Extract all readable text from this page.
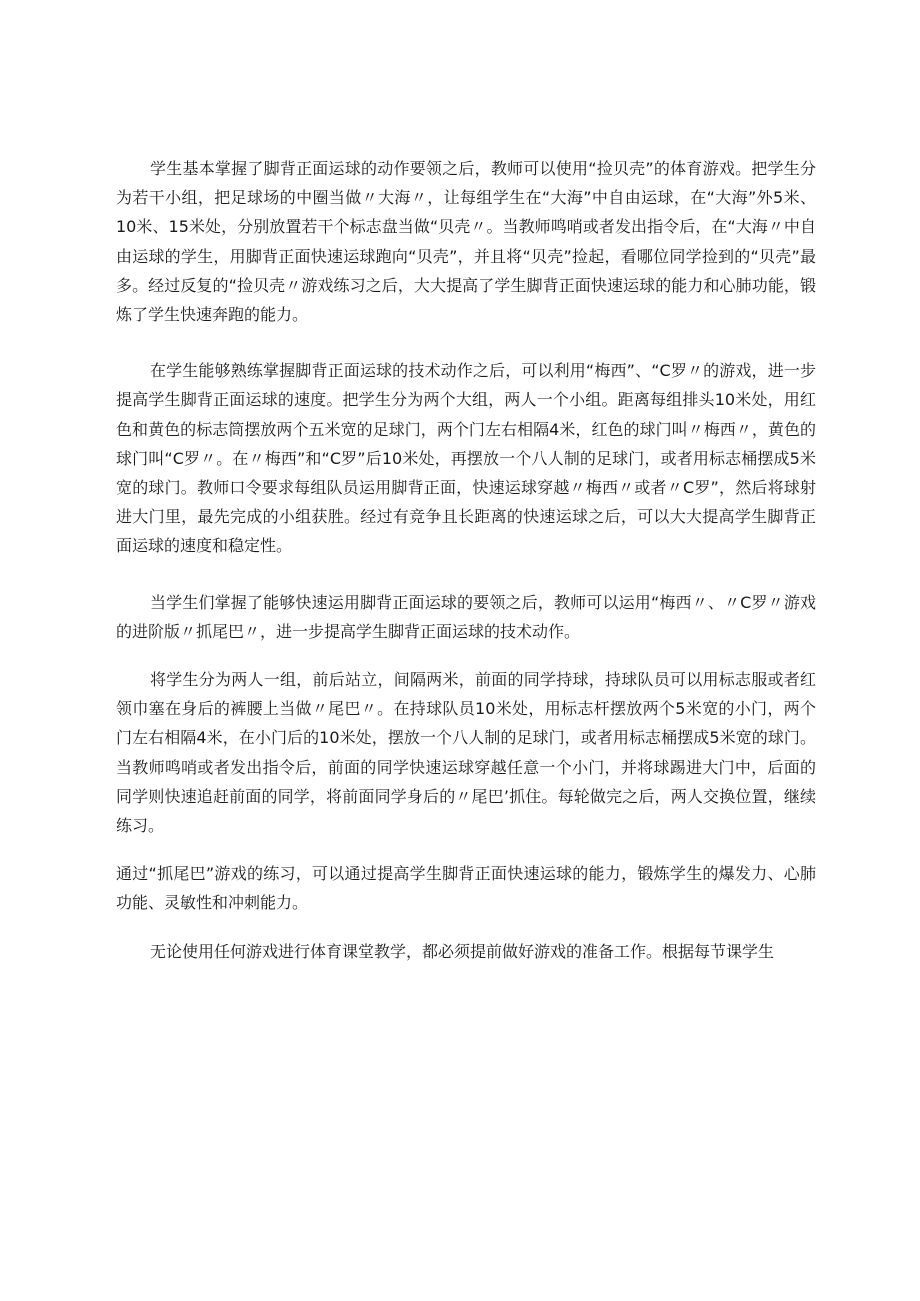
学生基本掌握了脚背正面运球的动作要领之后，教师可以使用“捡贝壳”的体育游戏。把学生分为若干小组，把足球场的中圈当做〃大海〃，让每组学生在“大海”中自由运球，在“大海”外5米、10米、15米处，分别放置若干个标志盘当做“贝壳〃。当教师鸣哨或者发出指令后，在“大海〃中自由运球的学生，用脚背正面快速运球跑向“贝壳”，并且将“贝壳”捡起，看哪位同学捡到的“贝壳”最多。经过反复的“捡贝壳〃游戏练习之后，大大提高了学生脚背正面快速运球的能力和心肺功能，锻炼了学生快速奔跑的能力。

在学生能够熟练掌握脚背正面运球的技术动作之后，可以利用“梅西”、“C罗〃的游戏，进一步提高学生脚背正面运球的速度。把学生分为两个大组，两人一个小组。距离每组排头10米处，用红色和黄色的标志筒摆放两个五米宽的足球门，两个门左右相隔4米，红色的球门叫〃梅西〃，黄色的球门叫“C罗〃。在〃梅西”和“C罗”后10米处，再摆放一个八人制的足球门，或者用标志桶摆成5米宽的球门。教师口令要求每组队员运用脚背正面，快速运球穿越〃梅西〃或者〃C罗”，然后将球射进大门里，最先完成的小组获胜。经过有竞争且长距离的快速运球之后，可以大大提高学生脚背正面运球的速度和稳定性。

当学生们掌握了能够快速运用脚背正面运球的要领之后，教师可以运用“梅西〃、〃C罗〃游戏的进阶版〃抓尾巴〃，进一步提高学生脚背正面运球的技术动作。

将学生分为两人一组，前后站立，间隔两米，前面的同学持球，持球队员可以用标志服或者红领巾塞在身后的裤腰上当做〃尾巴〃。在持球队员10米处，用标志杆摆放两个5米宽的小门，两个门左右相隔4米，在小门后的10米处，摆放一个八人制的足球门，或者用标志桶摆成5米宽的球门。当教师鸣哨或者发出指令后，前面的同学快速运球穿越任意一个小门，并将球踢进大门中，后面的同学则快速追赶前面的同学，将前面同学身后的〃尾巴’抓住。每轮做完之后，两人交换位置，继续练习。

通过“抓尾巴”游戏的练习，可以通过提高学生脚背正面快速运球的能力，锻炼学生的爆发力、心肺功能、灵敏性和冲刺能力。

无论使用任何游戏进行体育课堂教学，都必须提前做好游戏的准备工作。根据每节课学生
